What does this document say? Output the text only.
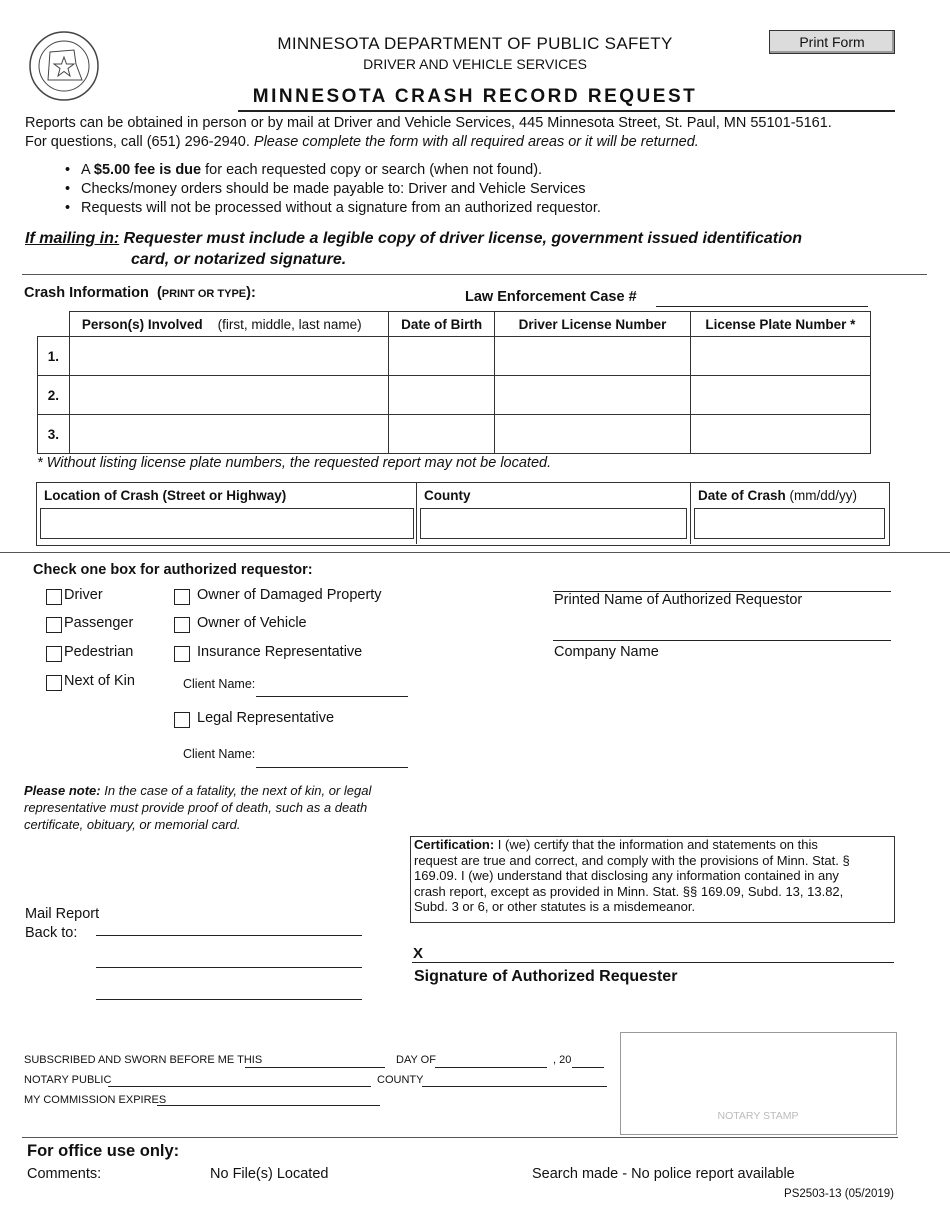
MINNESOTA DEPARTMENT OF PUBLIC SAFETY
DRIVER AND VEHICLE SERVICES
MINNESOTA CRASH RECORD REQUEST
Print Form
Reports can be obtained in person or by mail at Driver and Vehicle Services, 445 Minnesota Street, St. Paul, MN 55101-5161.
For questions, call (651) 296-2940. Please complete the form with all required areas or it will be returned.
• A $5.00 fee is due for each requested copy or search (when not found).
• Checks/money orders should be made payable to: Driver and Vehicle Services
• Requests will not be processed without a signature from an authorized requestor.
If mailing in: Requester must include a legible copy of driver license, government issued identification
card, or notarized signature.
Crash Information (PRINT OR TYPE):	Law Enforcement Case #
	Person(s) Involved (first, middle, last name)	Date of Birth	Driver License Number	License Plate Number *
1.				
2.				
3.				
* Without listing license plate numbers, the requested report may not be located.
Location of Crash (Street or Highway)	County	Date of Crash (mm/dd/yy)
Check one box for authorized requestor:
Driver
Passenger
Pedestrian
Next of Kin
Owner of Damaged Property
Owner of Vehicle
Insurance Representative
Client Name:
Legal Representative
Client Name:
Printed Name of Authorized Requestor
Company Name
Please note: In the case of a fatality, the next of kin, or legal
representative must provide proof of death, such as a death
certificate, obituary, or memorial card.
Certification: I (we) certify that the information and statements on this
request are true and correct, and comply with the provisions of Minn. Stat. §
169.09. I (we) understand that disclosing any information contained in any
crash report, except as provided in Minn. Stat. §§ 169.09, Subd. 13, 13.82,
Subd. 3 or 6, or other statutes is a misdemeanor.
Mail Report
Back to:
X
Signature of Authorized Requester
SUBSCRIBED AND SWORN BEFORE ME THIS	DAY OF	, 20
NOTARY PUBLIC	COUNTY
MY COMMISSION EXPIRES
NOTARY STAMP
For office use only:
Comments:	No File(s) Located	Search made - No police report available
PS2503-13 (05/2019)
